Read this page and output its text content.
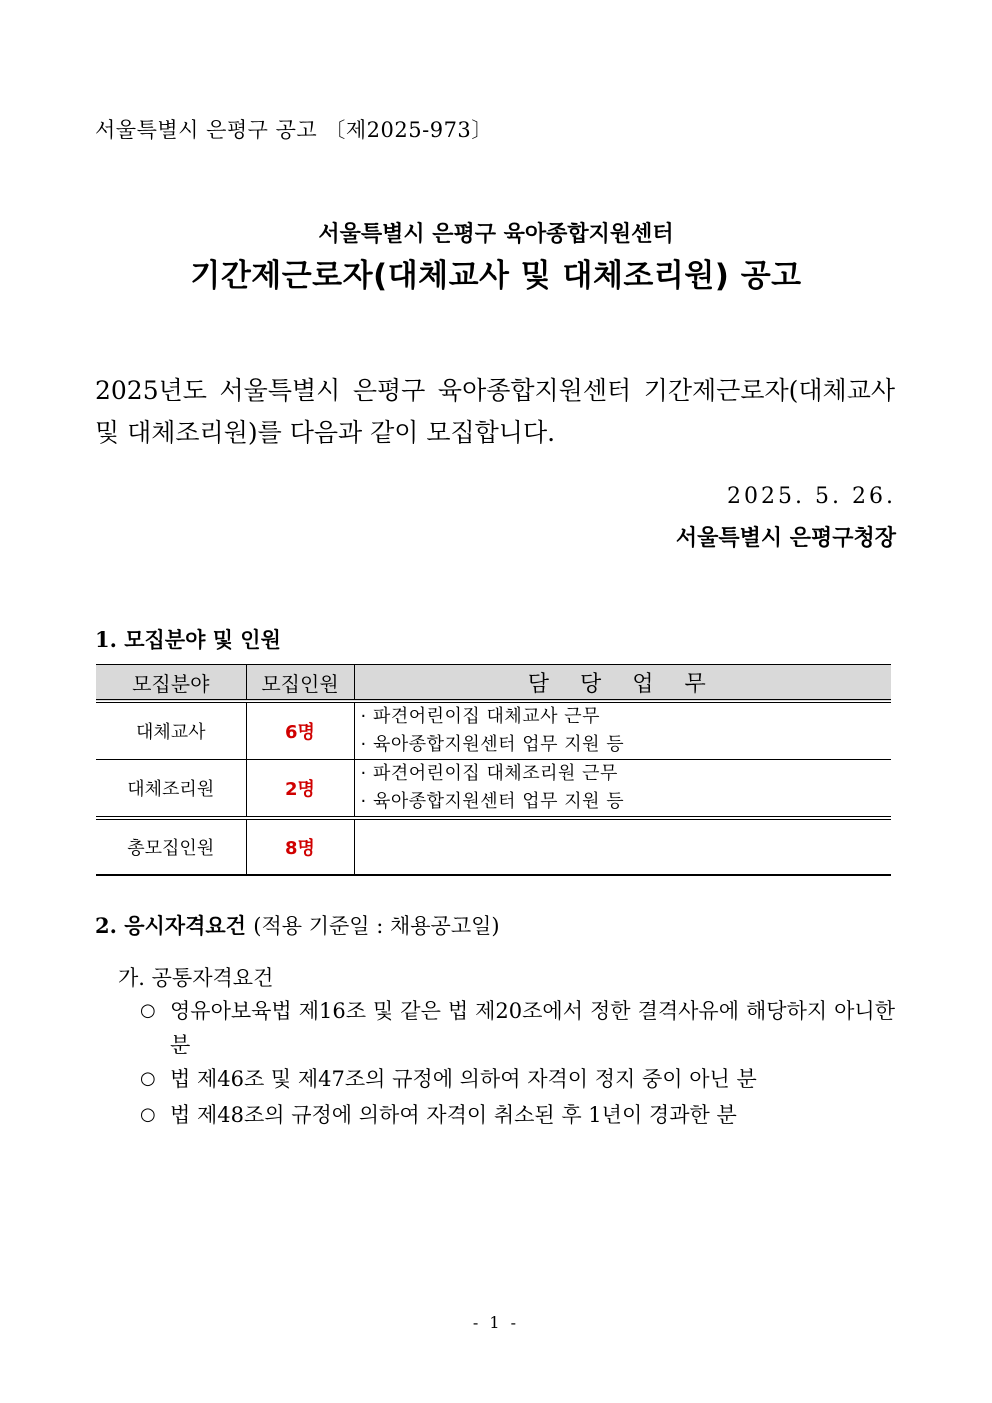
서울특별시 은평구 공고 〔제2025-973〕
서울특별시 은평구 육아종합지원센터
기간제근로자(대체교사 및 대체조리원) 공고
2025년도 서울특별시 은평구 육아종합지원센터 기간제근로자(대체교사 및 대체조리원)를 다음과 같이 모집합니다.
2025. 5. 26.
서울특별시 은평구청장
1. 모집분야 및 인원
모집분야	모집인원	담 당 업 무
대체교사	6명	· 파견어린이집 대체교사 근무
· 육아종합지원센터 업무 지원 등

대체조리원	2명	· 파견어린이집 대체조리원 근무
· 육아종합지원센터 업무 지원 등

총모집인원	8명	
2. 응시자격요건 (적용 기준일 : 채용공고일)
가. 공통자격요건
○ 영유아보육법 제16조 및 같은 법 제20조에서 정한 결격사유에 해당하지 아니한 분
○ 법 제46조 및 제47조의 규정에 의하여 자격이 정지 중이 아닌 분
○ 법 제48조의 규정에 의하여 자격이 취소된 후 1년이 경과한 분
- 1 -
